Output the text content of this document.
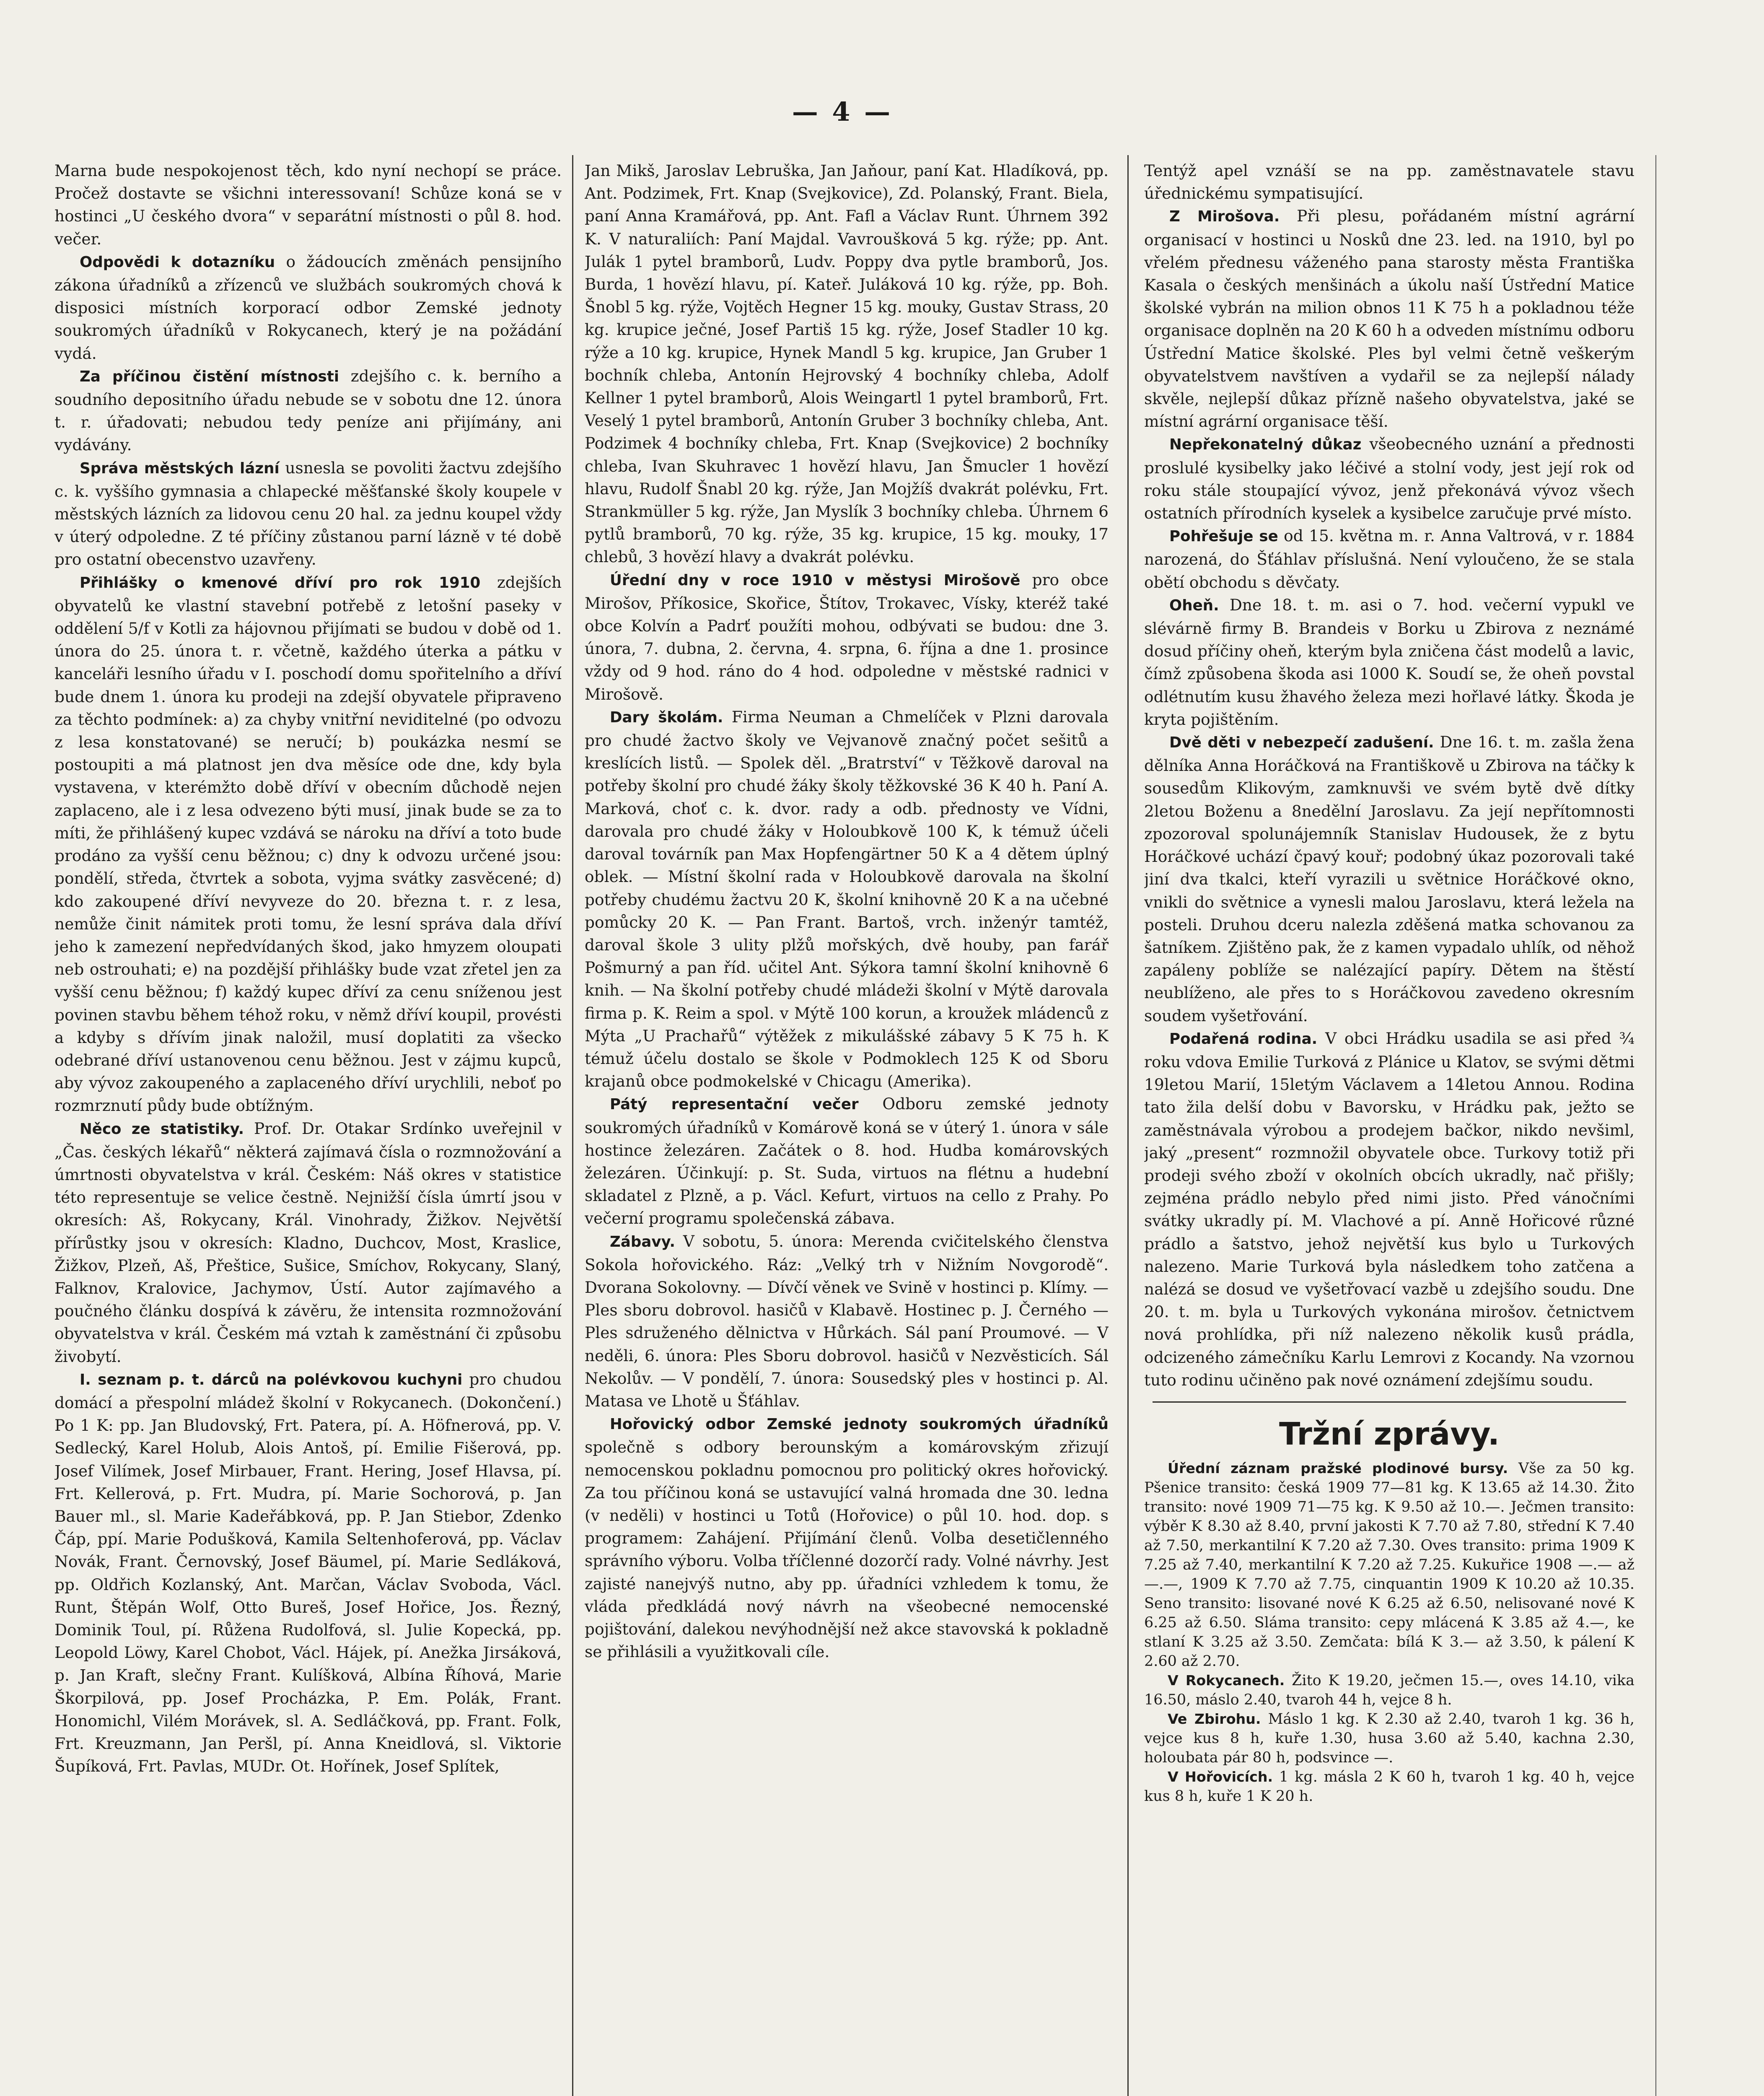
— 4 —

Marna bude nespokojenost těch, kdo nyní nechopí se práce. Pročež dostavte se všichni interessovaní! Schůze koná se v hostinci „U českého dvora“ v separátní místnosti o půl 8. hod. večer.

Odpovědi k dotazníku o žádoucích změnách pensijního zákona úřadníků a zřízenců ve službách soukromých chová k disposici místních korporací odbor Zemské jednoty soukromých úřadníků v Rokycanech, který je na požádání vydá.

Za příčinou čistění místnosti zdejšího c. k. berního a soudního depositního úřadu nebude se v sobotu dne 12. února t. r. úřadovati; nebudou tedy peníze ani přijímány, ani vydávány.

Správa městských lázní usnesla se povoliti žactvu zdejšího c. k. vyššího gymnasia a chlapecké měšťanské školy koupele v městských lázních za lidovou cenu 20 hal. za jednu koupel vždy v úterý odpoledne. Z té příčiny zůstanou parní lázně v té době pro ostatní obecenstvo uzavřeny.

Přihlášky o kmenové dříví pro rok 1910 zdejších obyvatelů ke vlastní stavební potřebě z letošní paseky v oddělení 5/f v Kotli za hájovnou přijímati se budou v době od 1. února do 25. února t. r. včetně, každého úterka a pátku v kanceláři lesního úřadu v I. poschodí domu spořitelního a dříví bude dnem 1. února ku prodeji na zdejší obyvatele připraveno za těchto podmínek: a) za chyby vnitřní neviditelné (po odvozu z lesa konstatované) se neručí; b) poukázka nesmí se postoupiti a má platnost jen dva měsíce ode dne, kdy byla vystavena, v kterémžto době dříví v obecním důchodě nejen zaplaceno, ale i z lesa odvezeno býti musí, jinak bude se za to míti, že přihlášený kupec vzdává se nároku na dříví a toto bude prodáno za vyšší cenu běžnou; c) dny k odvozu určené jsou: pondělí, středa, čtvrtek a sobota, vyjma svátky zasvěcené; d) kdo zakoupené dříví nevyveze do 20. března t. r. z lesa, nemůže činit námitek proti tomu, že lesní správa dala dříví jeho k zamezení nepředvídaných škod, jako hmyzem oloupati neb ostrouhati; e) na pozdější přihlášky bude vzat zřetel jen za vyšší cenu běžnou; f) každý kupec dříví za cenu sníženou jest povinen stavbu během téhož roku, v němž dříví koupil, provésti a kdyby s dřívím jinak naložil, musí doplatiti za všecko odebrané dříví ustanovenou cenu běžnou. Jest v zájmu kupců, aby vývoz zakoupeného a zaplaceného dříví urychlili, neboť po rozmrznutí půdy bude obtížným.

Něco ze statistiky. Prof. Dr. Otakar Srdínko uveřejnil v „Čas. českých lékařů“ některá zajímavá čísla o rozmnožování a úmrtnosti obyvatelstva v král. Českém: Náš okres v statistice této representuje se velice čestně. Nejnižší čísla úmrtí jsou v okresích: Aš, Rokycany, Král. Vinohrady, Žižkov. Největší přírůstky jsou v okresích: Kladno, Duchcov, Most, Kraslice, Žižkov, Plzeň, Aš, Přeštice, Sušice, Smíchov, Rokycany, Slaný, Falknov, Kralovice, Jachymov, Ústí. Autor zajímavého a poučného článku dospívá k závěru, že intensita rozmnožování obyvatelstva v král. Českém má vztah k zaměstnání či způsobu živobytí.

I. seznam p. t. dárců na polévkovou kuchyni pro chudou domácí a přespolní mládež školní v Rokycanech. (Dokončení.) Po 1 K: pp. Jan Bludovský, Frt. Patera, pí. A. Höfnerová, pp. V. Sedlecký, Karel Holub, Alois Antoš, pí. Emilie Fišerová, pp. Josef Vilímek, Josef Mirbauer, Frant. Hering, Josef Hlavsa, pí. Frt. Kellerová, p. Frt. Mudra, pí. Marie Sochorová, p. Jan Bauer ml., sl. Marie Kadeřábková, pp. P. Jan Stiebor, Zdenko Čáp, ppí. Marie Podušková, Kamila Seltenhoferová, pp. Václav Novák, Frant. Černovský, Josef Bäumel, pí. Marie Sedláková, pp. Oldřich Kozlanský, Ant. Marčan, Václav Svoboda, Václ. Runt, Štěpán Wolf, Otto Bureš, Josef Hořice, Jos. Řezný, Dominik Toul, pí. Růžena Rudolfová, sl. Julie Kopecká, pp. Leopold Löwy, Karel Chobot, Václ. Hájek, pí. Anežka Jirsáková, p. Jan Kraft, slečny Frant. Kulíšková, Albína Říhová, Marie Škorpilová, pp. Josef Procházka, P. Em. Polák, Frant. Honomichl, Vilém Morávek, sl. A. Sedláčková, pp. Frant. Folk, Frt. Kreuzmann, Jan Peršl, pí. Anna Kneidlová, sl. Viktorie Šupíková, Frt. Pavlas, MUDr. Ot. Hořínek, Josef Splítek,

Jan Mikš, Jaroslav Lebruška, Jan Jaňour, paní Kat. Hladíková, pp. Ant. Podzimek, Frt. Knap (Svejkovice), Zd. Polanský, Frant. Biela, paní Anna Kramářová, pp. Ant. Fafl a Václav Runt. Úhrnem 392 K. V naturaliích: Paní Majdal. Vavroušková 5 kg. rýže; pp. Ant. Julák 1 pytel bramborů, Ludv. Poppy dva pytle bramborů, Jos. Burda, 1 hovězí hlavu, pí. Kateř. Juláková 10 kg. rýže, pp. Boh. Šnobl 5 kg. rýže, Vojtěch Hegner 15 kg. mouky, Gustav Strass, 20 kg. krupice ječné, Josef Partiš 15 kg. rýže, Josef Stadler 10 kg. rýže a 10 kg. krupice, Hynek Mandl 5 kg. krupice, Jan Gruber 1 bochník chleba, Antonín Hejrovský 4 bochníky chleba, Adolf Kellner 1 pytel bramborů, Alois Weingartl 1 pytel bramborů, Frt. Veselý 1 pytel bramborů, Antonín Gruber 3 bochníky chleba, Ant. Podzimek 4 bochníky chleba, Frt. Knap (Svejkovice) 2 bochníky chleba, Ivan Skuhravec 1 hovězí hlavu, Jan Šmucler 1 hovězí hlavu, Rudolf Šnabl 20 kg. rýže, Jan Mojžíš dvakrát polévku, Frt. Strankmüller 5 kg. rýže, Jan Myslík 3 bochníky chleba. Úhrnem 6 pytlů bramborů, 70 kg. rýže, 35 kg. krupice, 15 kg. mouky, 17 chlebů, 3 hovězí hlavy a dvakrát polévku.

Úřední dny v roce 1910 v městysi Mirošově pro obce Mirošov, Příkosice, Skořice, Štítov, Trokavec, Vísky, kteréž také obce Kolvín a Padrť použíti mohou, odbývati se budou: dne 3. února, 7. dubna, 2. června, 4. srpna, 6. října a dne 1. prosince vždy od 9 hod. ráno do 4 hod. odpoledne v městské radnici v Mirošově.

Dary školám. Firma Neuman a Chmelíček v Plzni darovala pro chudé žactvo školy ve Vejvanově značný počet sešitů a kreslících listů. — Spolek děl. „Bratrství“ v Těžkově daroval na potřeby školní pro chudé žáky školy těžkovské 36 K 40 h. Paní A. Marková, choť c. k. dvor. rady a odb. přednosty ve Vídni, darovala pro chudé žáky v Holoubkově 100 K, k témuž účeli daroval továrník pan Max Hopfengärtner 50 K a 4 dětem úplný oblek. — Místní školní rada v Holoubkově darovala na školní potřeby chudému žactvu 20 K, školní knihovně 20 K a na učebné pomůcky 20 K. — Pan Frant. Bartoš, vrch. inženýr tamtéž, daroval škole 3 ulity plžů mořských, dvě houby, pan farář Pošmurný a pan říd. učitel Ant. Sýkora tamní školní knihovně 6 knih. — Na školní potřeby chudé mládeži školní v Mýtě darovala firma p. K. Reim a spol. v Mýtě 100 korun, a kroužek mládenců z Mýta „U Prachařů“ výtěžek z mikulášské zábavy 5 K 75 h. K témuž účelu dostalo se škole v Podmoklech 125 K od Sboru krajanů obce podmokelské v Chicagu (Amerika).

Pátý representační večer Odboru zemské jednoty soukromých úřadníků v Komárově koná se v úterý 1. února v sále hostince železáren. Začátek o 8. hod. Hudba komárovských železáren. Účinkují: p. St. Suda, virtuos na flétnu a hudební skladatel z Plzně, a p. Václ. Kefurt, virtuos na cello z Prahy. Po večerní programu společenská zábava.

Zábavy. V sobotu, 5. února: Merenda cvičitelského členstva Sokola hořovického. Ráz: „Velký trh v Nižním Novgorodě“. Dvorana Sokolovny. — Dívčí věnek ve Svině v hostinci p. Klímy. — Ples sboru dobrovol. hasičů v Klabavě. Hostinec p. J. Černého — Ples sdruženého dělnictva v Hůrkách. Sál paní Proumové. — V neděli, 6. února: Ples Sboru dobrovol. hasičů v Nezvěsticích. Sál Nekolův. — V pondělí, 7. února: Sousedský ples v hostinci p. Al. Matasa ve Lhotě u Šťáhlav.

Hořovický odbor Zemské jednoty soukromých úřadníků společně s odbory berounským a komárovským zřizují nemocenskou pokladnu pomocnou pro politický okres hořovický. Za tou příčinou koná se ustavující valná hromada dne 30. ledna (v neděli) v hostinci u Totů (Hořovice) o půl 10. hod. dop. s programem: Zahájení. Přijímání členů. Volba desetičlenného správního výboru. Volba tříčlenné dozorčí rady. Volné návrhy. Jest zajisté nanejvýš nutno, aby pp. úřadníci vzhledem k tomu, že vláda předkládá nový návrh na všeobecné nemocenské pojištování, dalekou nevýhodnější než akce stavovská k pokladně se přihlásili a využitkovali cíle.

Tentýž apel vznáší se na pp. zaměstnavatele stavu úřednickému sympatisující.

Z Mirošova. Při plesu, pořádaném místní agrární organisací v hostinci u Nosků dne 23. led. na 1910, byl po vřelém přednesu váženého pana starosty města Františka Kasala o českých menšinách a úkolu naší Ústřední Matice školské vybrán na milion obnos 11 K 75 h a pokladnou téže organisace doplněn na 20 K 60 h a odveden místnímu odboru Ústřední Matice školské. Ples byl velmi četně veškerým obyvatelstvem navštíven a vydařil se za nejlepší nálady skvěle, nejlepší důkaz přízně našeho obyvatelstva, jaké se místní agrární organisace těší.

Nepřekonatelný důkaz všeobecného uznání a přednosti proslulé kysibelky jako léčivé a stolní vody, jest její rok od roku stále stoupající vývoz, jenž překonává vývoz všech ostatních přírodních kyselek a kysibelce zaručuje prvé místo.

Pohřešuje se od 15. května m. r. Anna Valtrová, v r. 1884 narozená, do Šťáhlav příslušná. Není vyloučeno, že se stala obětí obchodu s děvčaty.

Oheň. Dne 18. t. m. asi o 7. hod. večerní vypukl ve slévárně firmy B. Brandeis v Borku u Zbirova z neznámé dosud příčiny oheň, kterým byla zničena část modelů a lavic, čímž způsobena škoda asi 1000 K. Soudí se, že oheň povstal odlétnutím kusu žhavého železa mezi hořlavé látky. Škoda je kryta pojištěním.

Dvě děti v nebezpečí zadušení. Dne 16. t. m. zašla žena dělníka Anna Horáčková na Františkově u Zbirova na táčky k sousedům Klikovým, zamknuvši ve svém bytě dvě dítky 2letou Boženu a 8nedělní Jaroslavu. Za její nepřítomnosti zpozoroval spolunájemník Stanislav Hudousek, že z bytu Horáčkové uchází čpavý kouř; podobný úkaz pozorovali také jiní dva tkalci, kteří vyrazili u světnice Horáčkové okno, vnikli do světnice a vynesli malou Jaroslavu, která ležela na posteli. Druhou dceru nalezla zděšená matka schovanou za šatníkem. Zjištěno pak, že z kamen vypadalo uhlík, od něhož zapáleny poblíže se nalézající papíry. Dětem na štěstí neublíženo, ale přes to s Horáčkovou zavedeno okresním soudem vyšetřování.

Podařená rodina. V obci Hrádku usadila se asi před ¾ roku vdova Emilie Turková z Plánice u Klatov, se svými dětmi 19letou Marií, 15letým Václavem a 14letou Annou. Rodina tato žila delší dobu v Bavorsku, v Hrádku pak, ježto se zaměstnávala výrobou a prodejem bačkor, nikdo nevšiml, jaký „present“ rozmnožil obyvatele obce. Turkovy totiž při prodeji svého zboží v okolních obcích ukradly, nač přišly; zejména prádlo nebylo před nimi jisto. Před vánočními svátky ukradly pí. M. Vlachové a pí. Anně Hořicové různé prádlo a šatstvo, jehož největší kus bylo u Turkových nalezeno. Marie Turková byla následkem toho zatčena a nalézá se dosud ve vyšetřovací vazbě u zdejšího soudu. Dne 20. t. m. byla u Turkových vykonána mirošov. četnictvem nová prohlídka, při níž nalezeno několik kusů prádla, odcizeného zámečníku Karlu Lemrovi z Kocandy. Na vzornou tuto rodinu učiněno pak nové oznámení zdejšímu soudu.

Tržní zprávy.

Úřední záznam pražské plodinové bursy. Vše za 50 kg. Pšenice transito: česká 1909 77—81 kg. K 13.65 až 14.30. Žito transito: nové 1909 71—75 kg. K 9.50 až 10.—. Ječmen transito: výběr K 8.30 až 8.40, první jakosti K 7.70 až 7.80, střední K 7.40 až 7.50, merkantilní K 7.20 až 7.30. Oves transito: prima 1909 K 7.25 až 7.40, merkantilní K 7.20 až 7.25. Kukuřice 1908 —.— až —.—, 1909 K 7.70 až 7.75, cinquantin 1909 K 10.20 až 10.35. Seno transito: lisované nové K 6.25 až 6.50, nelisované nové K 6.25 až 6.50. Sláma transito: cepy mlácená K 3.85 až 4.—, ke stlaní K 3.25 až 3.50. Zemčata: bílá K 3.— až 3.50, k pálení K 2.60 až 2.70.

V Rokycanech. Žito K 19.20, ječmen 15.—, oves 14.10, vika 16.50, máslo 2.40, tvaroh 44 h, vejce 8 h.

Ve Zbirohu. Máslo 1 kg. K 2.30 až 2.40, tvaroh 1 kg. 36 h, vejce kus 8 h, kuře 1.30, husa 3.60 až 5.40, kachna 2.30, holoubata pár 80 h, podsvince —.

V Hořovicích. 1 kg. másla 2 K 60 h, tvaroh 1 kg. 40 h, vejce kus 8 h, kuře 1 K 20 h.
